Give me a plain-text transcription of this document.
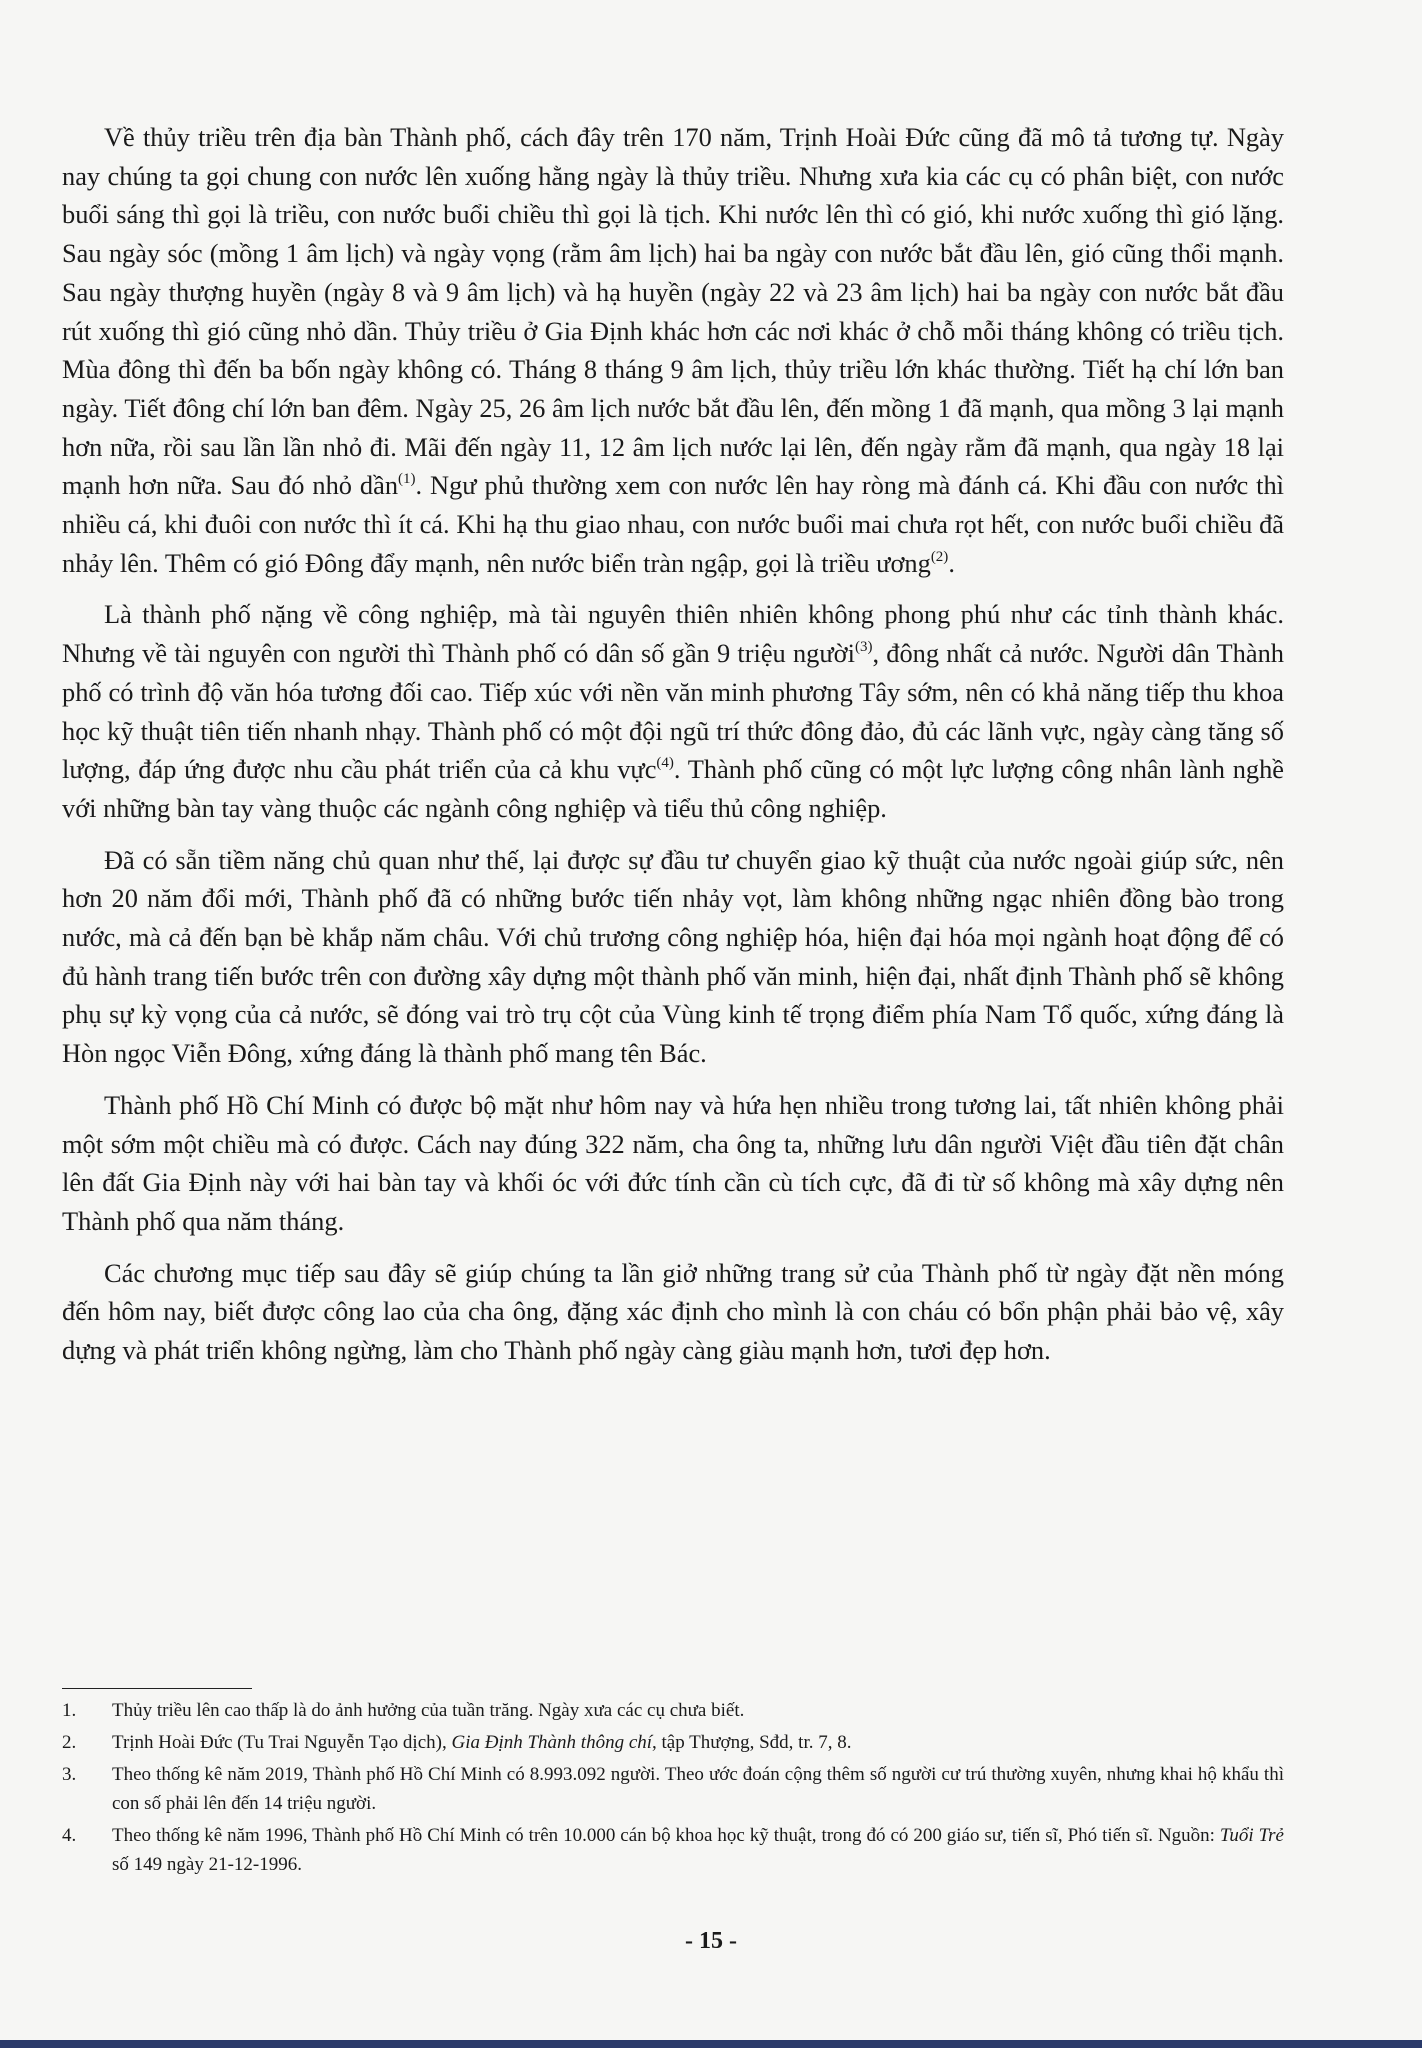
Về thủy triều trên địa bàn Thành phố, cách đây trên 170 năm, Trịnh Hoài Đức cũng đã mô tả tương tự. Ngày nay chúng ta gọi chung con nước lên xuống hằng ngày là thủy triều. Nhưng xưa kia các cụ có phân biệt, con nước buổi sáng thì gọi là triều, con nước buổi chiều thì gọi là tịch. Khi nước lên thì có gió, khi nước xuống thì gió lặng. Sau ngày sóc (mồng 1 âm lịch) và ngày vọng (rằm âm lịch) hai ba ngày con nước bắt đầu lên, gió cũng thổi mạnh. Sau ngày thượng huyền (ngày 8 và 9 âm lịch) và hạ huyền (ngày 22 và 23 âm lịch) hai ba ngày con nước bắt đầu rút xuống thì gió cũng nhỏ dần. Thủy triều ở Gia Định khác hơn các nơi khác ở chỗ mỗi tháng không có triều tịch. Mùa đông thì đến ba bốn ngày không có. Tháng 8 tháng 9 âm lịch, thủy triều lớn khác thường. Tiết hạ chí lớn ban ngày. Tiết đông chí lớn ban đêm. Ngày 25, 26 âm lịch nước bắt đầu lên, đến mồng 1 đã mạnh, qua mồng 3 lại mạnh hơn nữa, rồi sau lần lần nhỏ đi. Mãi đến ngày 11, 12 âm lịch nước lại lên, đến ngày rằm đã mạnh, qua ngày 18 lại mạnh hơn nữa. Sau đó nhỏ dần$^{(1)}$. Ngư phủ thường xem con nước lên hay ròng mà đánh cá. Khi đầu con nước thì nhiều cá, khi đuôi con nước thì ít cá. Khi hạ thu giao nhau, con nước buổi mai chưa rọt hết, con nước buổi chiều đã nhảy lên. Thêm có gió Đông đẩy mạnh, nên nước biển tràn ngập, gọi là triều ương$^{(2)}$.

Là thành phố nặng về công nghiệp, mà tài nguyên thiên nhiên không phong phú như các tỉnh thành khác. Nhưng về tài nguyên con người thì Thành phố có dân số gần 9 triệu người$^{(3)}$, đông nhất cả nước. Người dân Thành phố có trình độ văn hóa tương đối cao. Tiếp xúc với nền văn minh phương Tây sớm, nên có khả năng tiếp thu khoa học kỹ thuật tiên tiến nhanh nhạy. Thành phố có một đội ngũ trí thức đông đảo, đủ các lãnh vực, ngày càng tăng số lượng, đáp ứng được nhu cầu phát triển của cả khu vực$^{(4)}$. Thành phố cũng có một lực lượng công nhân lành nghề với những bàn tay vàng thuộc các ngành công nghiệp và tiểu thủ công nghiệp.

Đã có sẵn tiềm năng chủ quan như thế, lại được sự đầu tư chuyển giao kỹ thuật của nước ngoài giúp sức, nên hơn 20 năm đổi mới, Thành phố đã có những bước tiến nhảy vọt, làm không những ngạc nhiên đồng bào trong nước, mà cả đến bạn bè khắp năm châu. Với chủ trương công nghiệp hóa, hiện đại hóa mọi ngành hoạt động để có đủ hành trang tiến bước trên con đường xây dựng một thành phố văn minh, hiện đại, nhất định Thành phố sẽ không phụ sự kỳ vọng của cả nước, sẽ đóng vai trò trụ cột của Vùng kinh tế trọng điểm phía Nam Tổ quốc, xứng đáng là Hòn ngọc Viễn Đông, xứng đáng là thành phố mang tên Bác.

Thành phố Hồ Chí Minh có được bộ mặt như hôm nay và hứa hẹn nhiều trong tương lai, tất nhiên không phải một sớm một chiều mà có được. Cách nay đúng 322 năm, cha ông ta, những lưu dân người Việt đầu tiên đặt chân lên đất Gia Định này với hai bàn tay và khối óc với đức tính cần cù tích cực, đã đi từ số không mà xây dựng nên Thành phố qua năm tháng.

Các chương mục tiếp sau đây sẽ giúp chúng ta lần giở những trang sử của Thành phố từ ngày đặt nền móng đến hôm nay, biết được công lao của cha ông, đặng xác định cho mình là con cháu có bổn phận phải bảo vệ, xây dựng và phát triển không ngừng, làm cho Thành phố ngày càng giàu mạnh hơn, tươi đẹp hơn.

1.	Thủy triều lên cao thấp là do ảnh hưởng của tuần trăng. Ngày xưa các cụ chưa biết.
2.	Trịnh Hoài Đức (Tu Trai Nguyễn Tạo dịch), Gia Định Thành thông chí, tập Thượng, Sđd, tr. 7, 8.
3.	Theo thống kê năm 2019, Thành phố Hồ Chí Minh có 8.993.092 người. Theo ước đoán cộng thêm số người cư trú thường xuyên, nhưng khai hộ khẩu thì con số phải lên đến 14 triệu người.
4.	Theo thống kê năm 1996, Thành phố Hồ Chí Minh có trên 10.000 cán bộ khoa học kỹ thuật, trong đó có 200 giáo sư, tiến sĩ, Phó tiến sĩ. Nguồn: Tuổi Trẻ số 149 ngày 21-12-1996.
- 15 -
